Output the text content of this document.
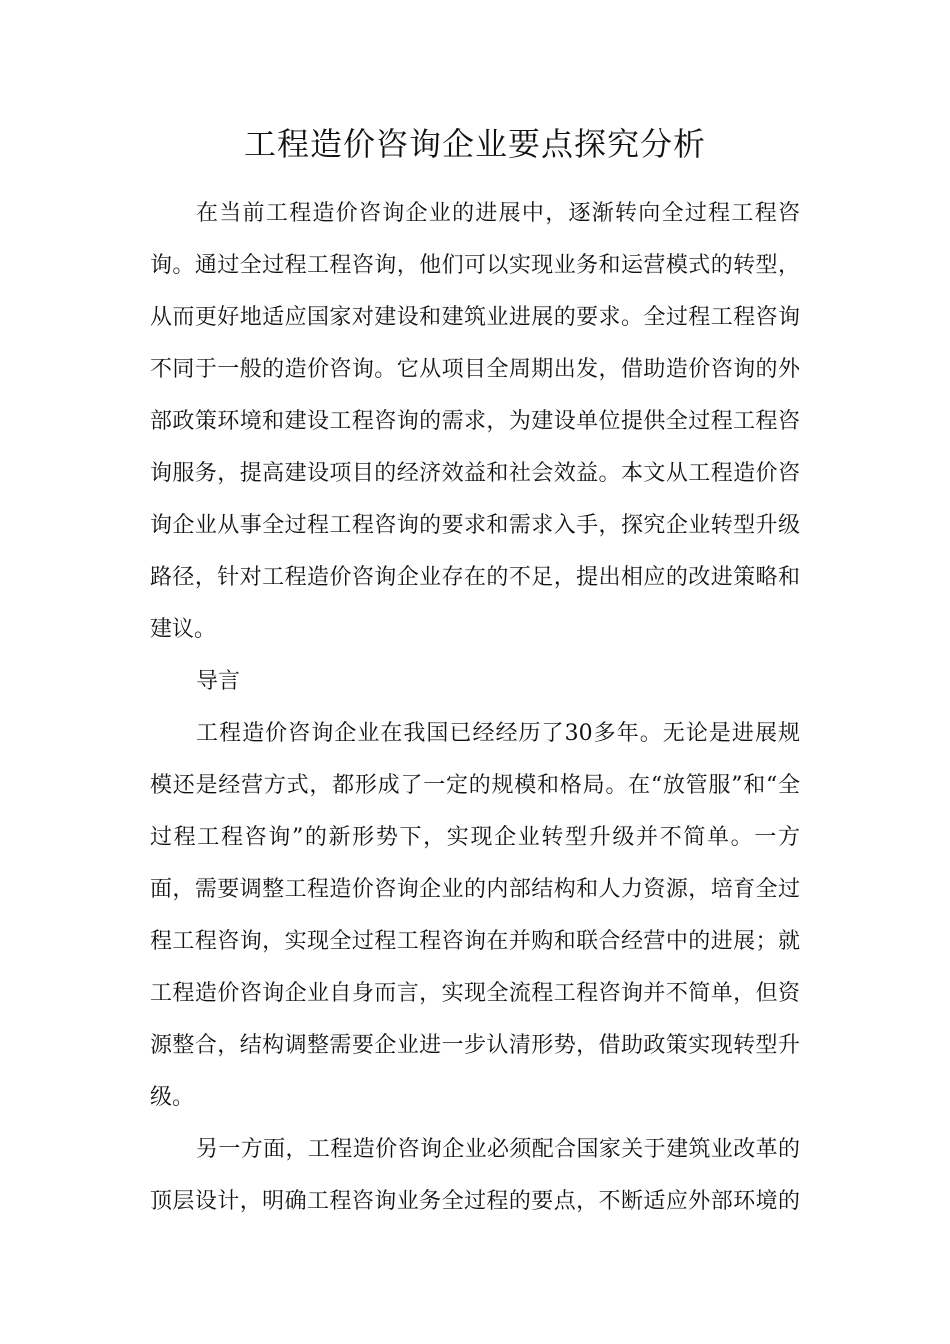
工程造价咨询企业要点探究分析
在当前工程造价咨询企业的进展中，逐渐转向全过程工程咨
询。通过全过程工程咨询，他们可以实现业务和运营模式的转型，
从而更好地适应国家对建设和建筑业进展的要求。全过程工程咨询
不同于一般的造价咨询。它从项目全周期出发，借助造价咨询的外
部政策环境和建设工程咨询的需求，为建设单位提供全过程工程咨
询服务，提高建设项目的经济效益和社会效益。本文从工程造价咨
询企业从事全过程工程咨询的要求和需求入手，探究企业转型升级
路径，针对工程造价咨询企业存在的不足，提出相应的改进策略和
建议。
导言
工程造价咨询企业在我国已经经历了30多年。无论是进展规
模还是经营方式，都形成了一定的规模和格局。在“放管服”和“全
过程工程咨询”的新形势下，实现企业转型升级并不简单。一方
面，需要调整工程造价咨询企业的内部结构和人力资源，培育全过
程工程咨询，实现全过程工程咨询在并购和联合经营中的进展；就
工程造价咨询企业自身而言，实现全流程工程咨询并不简单，但资
源整合，结构调整需要企业进一步认清形势，借助政策实现转型升
级。
另一方面，工程造价咨询企业必须配合国家关于建筑业改革的
顶层设计，明确工程咨询业务全过程的要点，不断适应外部环境的
